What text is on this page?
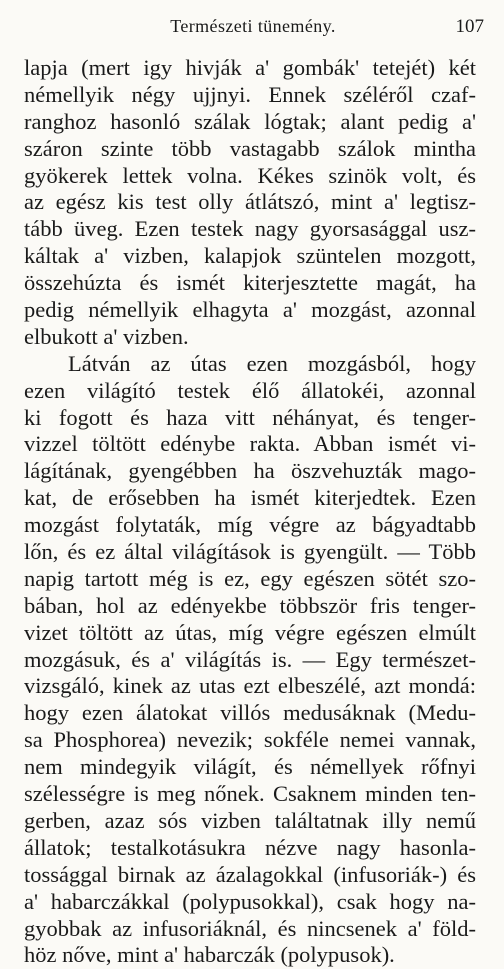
Természeti tünemény.	107
lapja (mert igy hivják a' gombák' tetejét) két
némellyik négy ujjnyi. Ennek széléről czaf-
ranghoz hasonló szálak lógtak; alant pedig a'
száron szinte több vastagabb szálok mintha
gyökerek lettek volna. Kékes szinök volt, és
az egész kis test olly átlátszó, mint a' legtisz-
tább üveg. Ezen testek nagy gyorsasággal usz-
káltak a' vizben, kalapjok szüntelen mozgott,
összehúzta és ismét kiterjesztette magát, ha
pedig némellyik elhagyta a' mozgást, azonnal
elbukott a' vizben.
Látván az útas ezen mozgásból, hogy
ezen világító testek élő állatokéi, azonnal
ki fogott és haza vitt néhányat, és tenger-
vizzel töltött edénybe rakta. Abban ismét vi-
lágítának, gyengébben ha öszvehuzták mago-
kat, de erősebben ha ismét kiterjedtek. Ezen
mozgást folytaták, míg végre az bágyadtabb
lőn, és ez által világítások is gyengült. — Több
napig tartott még is ez, egy egészen sötét szo-
bában, hol az edényekbe többször fris tenger-
vizet töltött az útas, míg végre egészen elmúlt
mozgásuk, és a' világítás is. — Egy természet-
vizsgáló, kinek az utas ezt elbeszélé, azt mondá:
hogy ezen álatokat villós medusáknak (Medu-
sa Phosphorea) nevezik; sokféle nemei vannak,
nem mindegyik világít, és némellyek rőfnyi
szélességre is meg nőnek. Csaknem minden ten-
gerben, azaz sós vizben találtatnak illy nemű
állatok; testalkotásukra nézve nagy hasonla-
tossággal birnak az ázalagokkal (infusoriák-) és
a' habarczákkal (polypusokkal), csak hogy na-
gyobbak az infusoriáknál, és nincsenek a' föld-
höz nőve, mint a' habarczák (polypusok).
